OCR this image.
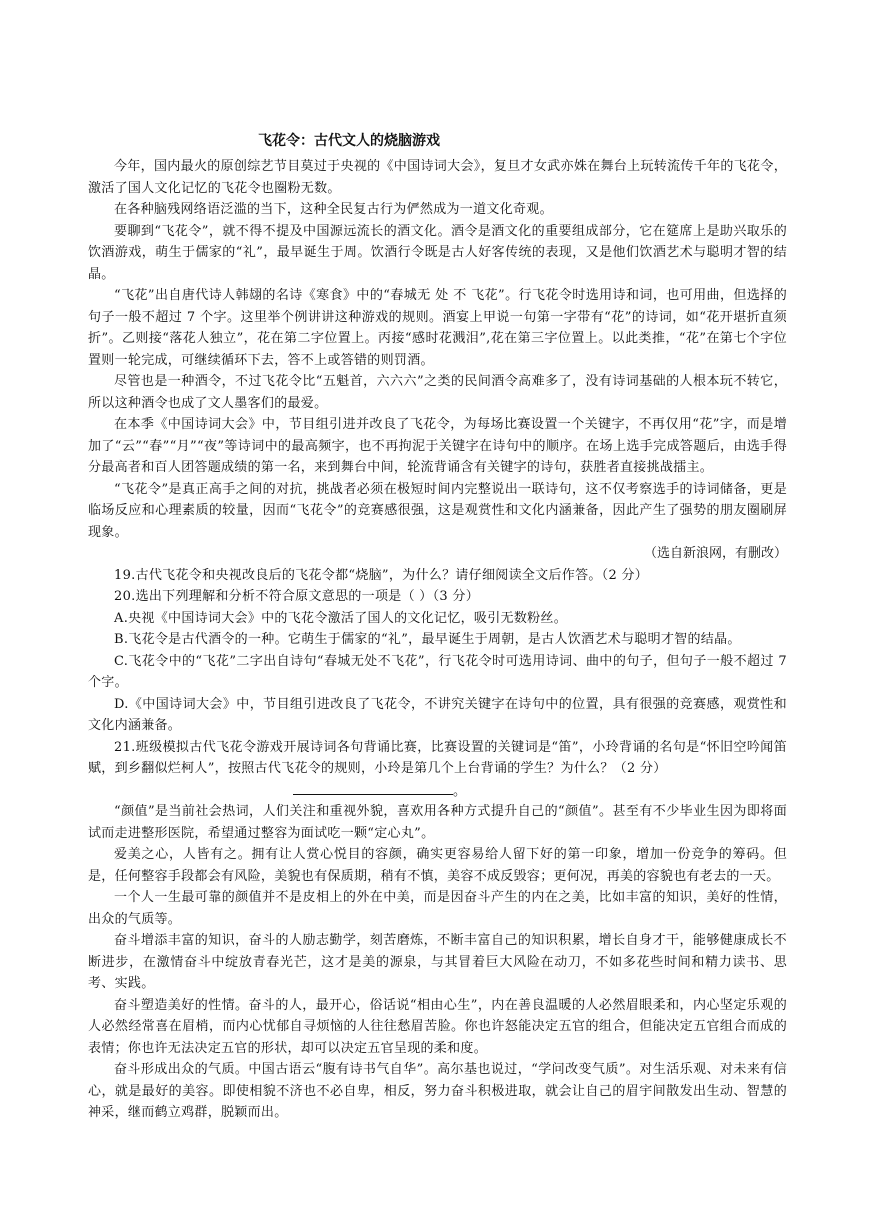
飞花令：古代文人的烧脑游戏

今年，国内最火的原创综艺节目莫过于央视的《中国诗词大会》，复旦才女武亦姝在舞台上玩转流传千年的飞花令，激活了国人文化记忆的飞花令也圈粉无数。

在各种脑残网络语泛滥的当下，这种全民复古行为俨然成为一道文化奇观。

要聊到“飞花令”，就不得不提及中国源远流长的酒文化。酒令是酒文化的重要组成部分，它在筵席上是助兴取乐的饮酒游戏，萌生于儒家的“礼”，最早诞生于周。饮酒行令既是古人好客传统的表现，又是他们饮酒艺术与聪明才智的结晶。

“飞花”出自唐代诗人韩翃的名诗《寒食》中的“春城无 处 不 飞花”。行飞花令时选用诗和词，也可用曲，但选择的句子一般不超过 7 个字。这里举个例讲讲这种游戏的规则。酒宴上甲说一句第一字带有“花”的诗词，如“花开堪折直须折”。乙则接“落花人独立”，花在第二字位置上。丙接“感时花溅泪”,花在第三字位置上。以此类推，“花”在第七个字位置则一轮完成，可继续循环下去，答不上或答错的则罚酒。

尽管也是一种酒令，不过飞花令比“五魁首，六六六”之类的民间酒令高难多了，没有诗词基础的人根本玩不转它，所以这种酒令也成了文人墨客们的最爱。

在本季《中国诗词大会》中，节目组引进并改良了飞花令，为每场比赛设置一个关键字，不再仅用“花”字，而是增加了“云”“春”“月”“夜”等诗词中的最高频字，也不再拘泥于关键字在诗句中的顺序。在场上选手完成答题后，由选手得分最高者和百人团答题成绩的第一名，来到舞台中间，轮流背诵含有关键字的诗句，获胜者直接挑战擂主。

“飞花令”是真正高手之间的对抗，挑战者必须在极短时间内完整说出一联诗句，这不仅考察选手的诗词储备，更是临场反应和心理素质的较量，因而“飞花令”的竞赛感很强，这是观赏性和文化内涵兼备，因此产生了强势的朋友圈刷屏现象。

（选自新浪网，有删改）

19.古代飞花令和央视改良后的飞花令都“烧脑”，为什么？请仔细阅读全文后作答。（2 分）

20.选出下列理解和分析不符合原文意思的一项是（ ）（3 分）

A.央视《中国诗词大会》中的飞花令激活了国人的文化记忆，吸引无数粉丝。

B.飞花令是古代酒令的一种。它萌生于儒家的“礼”，最早诞生于周朝，是古人饮酒艺术与聪明才智的结晶。

C.飞花令中的“飞花”二字出自诗句“春城无处不飞花”，行飞花令时可选用诗词、曲中的句子，但句子一般不超过 7 个字。

D.《中国诗词大会》中，节目组引进改良了飞花令，不讲究关键字在诗句中的位置，具有很强的竞赛感，观赏性和文化内涵兼备。

21.班级模拟古代飞花令游戏开展诗词各句背诵比赛，比赛设置的关键词是“笛”，小玲背诵的名句是“怀旧空吟闻笛赋，到乡翻似烂柯人”，按照古代飞花令的规则，小玲是第几个上台背诵的学生？为什么？（2 分）

。

“颜值”是当前社会热词，人们关注和重视外貌，喜欢用各种方式提升自己的“颜值”。甚至有不少毕业生因为即将面试而走进整形医院，希望通过整容为面试吃一颗“定心丸”。

爱美之心，人皆有之。拥有让人赏心悦目的容颜，确实更容易给人留下好的第一印象，增加一份竞争的筹码。但是，任何整容手段都会有风险，美貌也有保质期，稍有不慎，美容不成反毁容；更何况，再美的容貌也有老去的一天。

一个人一生最可靠的颜值并不是皮相上的外在中美，而是因奋斗产生的内在之美，比如丰富的知识，美好的性情，出众的气质等。

奋斗增添丰富的知识，奋斗的人励志勤学，刻苦磨炼，不断丰富自己的知识积累，增长自身才干，能够健康成长不断进步，在激情奋斗中绽放青春光芒，这才是美的源泉，与其冒着巨大风险在动刀，不如多花些时间和精力读书、思考、实践。

奋斗塑造美好的性情。奋斗的人，最开心，俗话说“相由心生”，内在善良温暖的人必然眉眼柔和，内心坚定乐观的人必然经常喜在眉梢，而内心忧郁自寻烦恼的人往往愁眉苦脸。你也许怒能决定五官的组合，但能决定五官组合而成的表情；你也许无法决定五官的形状，却可以决定五官呈现的柔和度。

奋斗形成出众的气质。中国古语云“腹有诗书气自华”。高尔基也说过，“学问改变气质”。对生活乐观、对未来有信心，就是最好的美容。即使相貌不济也不必自卑，相反，努力奋斗积极进取，就会让自己的眉宇间散发出生动、智慧的神采，继而鹤立鸡群，脱颖而出。
